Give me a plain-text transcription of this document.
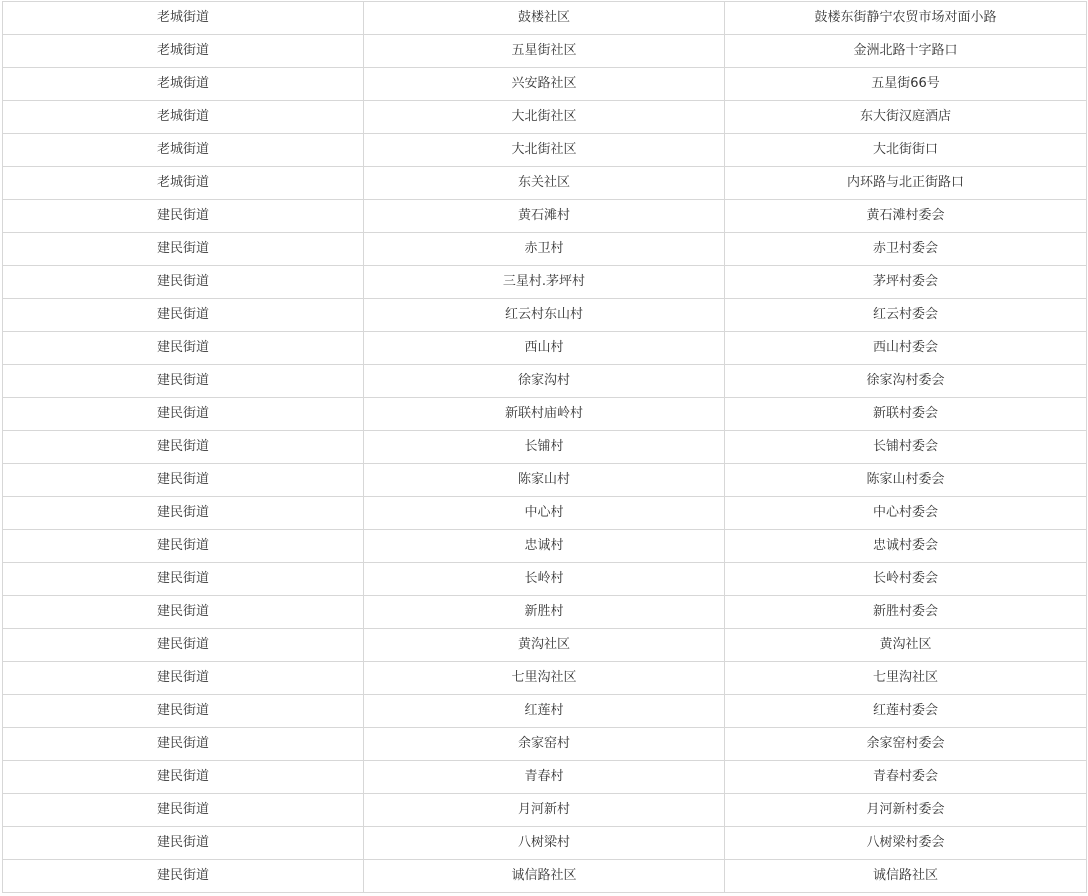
老城街道	鼓楼社区	鼓楼东街静宁农贸市场对面小路
老城街道	五星街社区	金洲北路十字路口
老城街道	兴安路社区	五星街66号
老城街道	大北街社区	东大街汉庭酒店
老城街道	大北街社区	大北街街口
老城街道	东关社区	内环路与北正街路口
建民街道	黄石滩村	黄石滩村委会
建民街道	赤卫村	赤卫村委会
建民街道	三星村.茅坪村	茅坪村委会
建民街道	红云村东山村	红云村委会
建民街道	西山村	西山村委会
建民街道	徐家沟村	徐家沟村委会
建民街道	新联村庙岭村	新联村委会
建民街道	长铺村	长铺村委会
建民街道	陈家山村	陈家山村委会
建民街道	中心村	中心村委会
建民街道	忠诚村	忠诚村委会
建民街道	长岭村	长岭村委会
建民街道	新胜村	新胜村委会
建民街道	黄沟社区	黄沟社区
建民街道	七里沟社区	七里沟社区
建民街道	红莲村	红莲村委会
建民街道	余家窑村	余家窑村委会
建民街道	青春村	青春村委会
建民街道	月河新村	月河新村委会
建民街道	八树梁村	八树梁村委会
建民街道	诚信路社区	诚信路社区
